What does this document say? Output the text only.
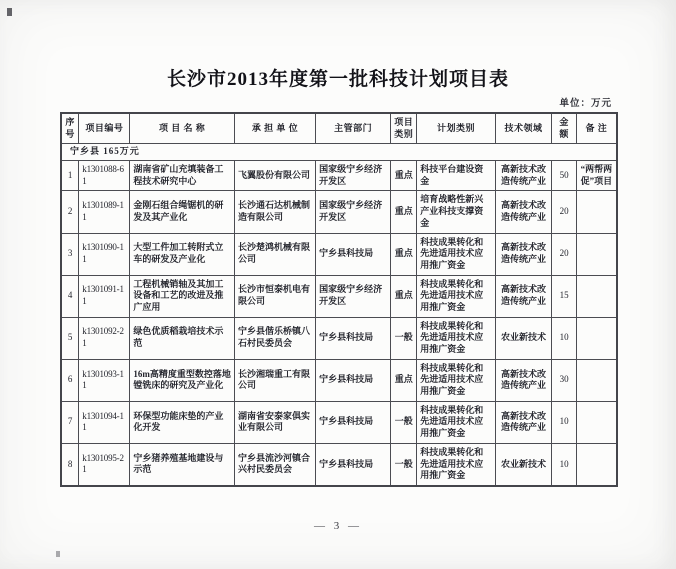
长沙市2013年度第一批科技计划项目表
单位：万元
序号	项目编号	项 目 名 称	承 担 单 位	主管部门	项目类别	计划类别	技术领域	金额	备 注
宁乡县 165万元									
1	k1301088-61	湖南省矿山充填装备工程技术研究中心	飞翼股份有限公司	国家级宁乡经济开发区	重点	科技平台建设资金	高新技术改造传统产业	50	“两帮两促”项目
2	k1301089-11	金刚石组合绳锯机的研发及其产业化	长沙通石达机械制造有限公司	国家级宁乡经济开发区	重点	培育战略性新兴产业科技支撑资金	高新技术改造传统产业	20	
3	k1301090-11	大型工件加工转附式立车的研发及产业化	长沙楚鸿机械有限公司	宁乡县科技局	重点	科技成果转化和先进适用技术应用推广资金	高新技术改造传统产业	20	
4	k1301091-11	工程机械销轴及其加工设备和工艺的改进及推广应用	长沙市恒泰机电有限公司	国家级宁乡经济开发区	重点	科技成果转化和先进适用技术应用推广资金	高新技术改造传统产业	15	
5	k1301092-21	绿色优质稻栽培技术示范	宁乡县偕乐桥镇八石村民委员会	宁乡县科技局	一般	科技成果转化和先进适用技术应用推广资金	农业新技术	10	
6	k1301093-11	16m高精度重型数控落地镗铣床的研究及产业化	长沙湘瑞重工有限公司	宁乡县科技局	重点	科技成果转化和先进适用技术应用推广资金	高新技术改造传统产业	30	
7	k1301094-11	环保型功能床垫的产业化开发	湖南省安泰家俱实业有限公司	宁乡县科技局	一般	科技成果转化和先进适用技术应用推广资金	高新技术改造传统产业	10	
8	k1301095-21	宁乡猪养殖基地建设与示范	宁乡县流沙河镇合兴村民委员会	宁乡县科技局	一般	科技成果转化和先进适用技术应用推广资金	农业新技术	10	
— 3 —
